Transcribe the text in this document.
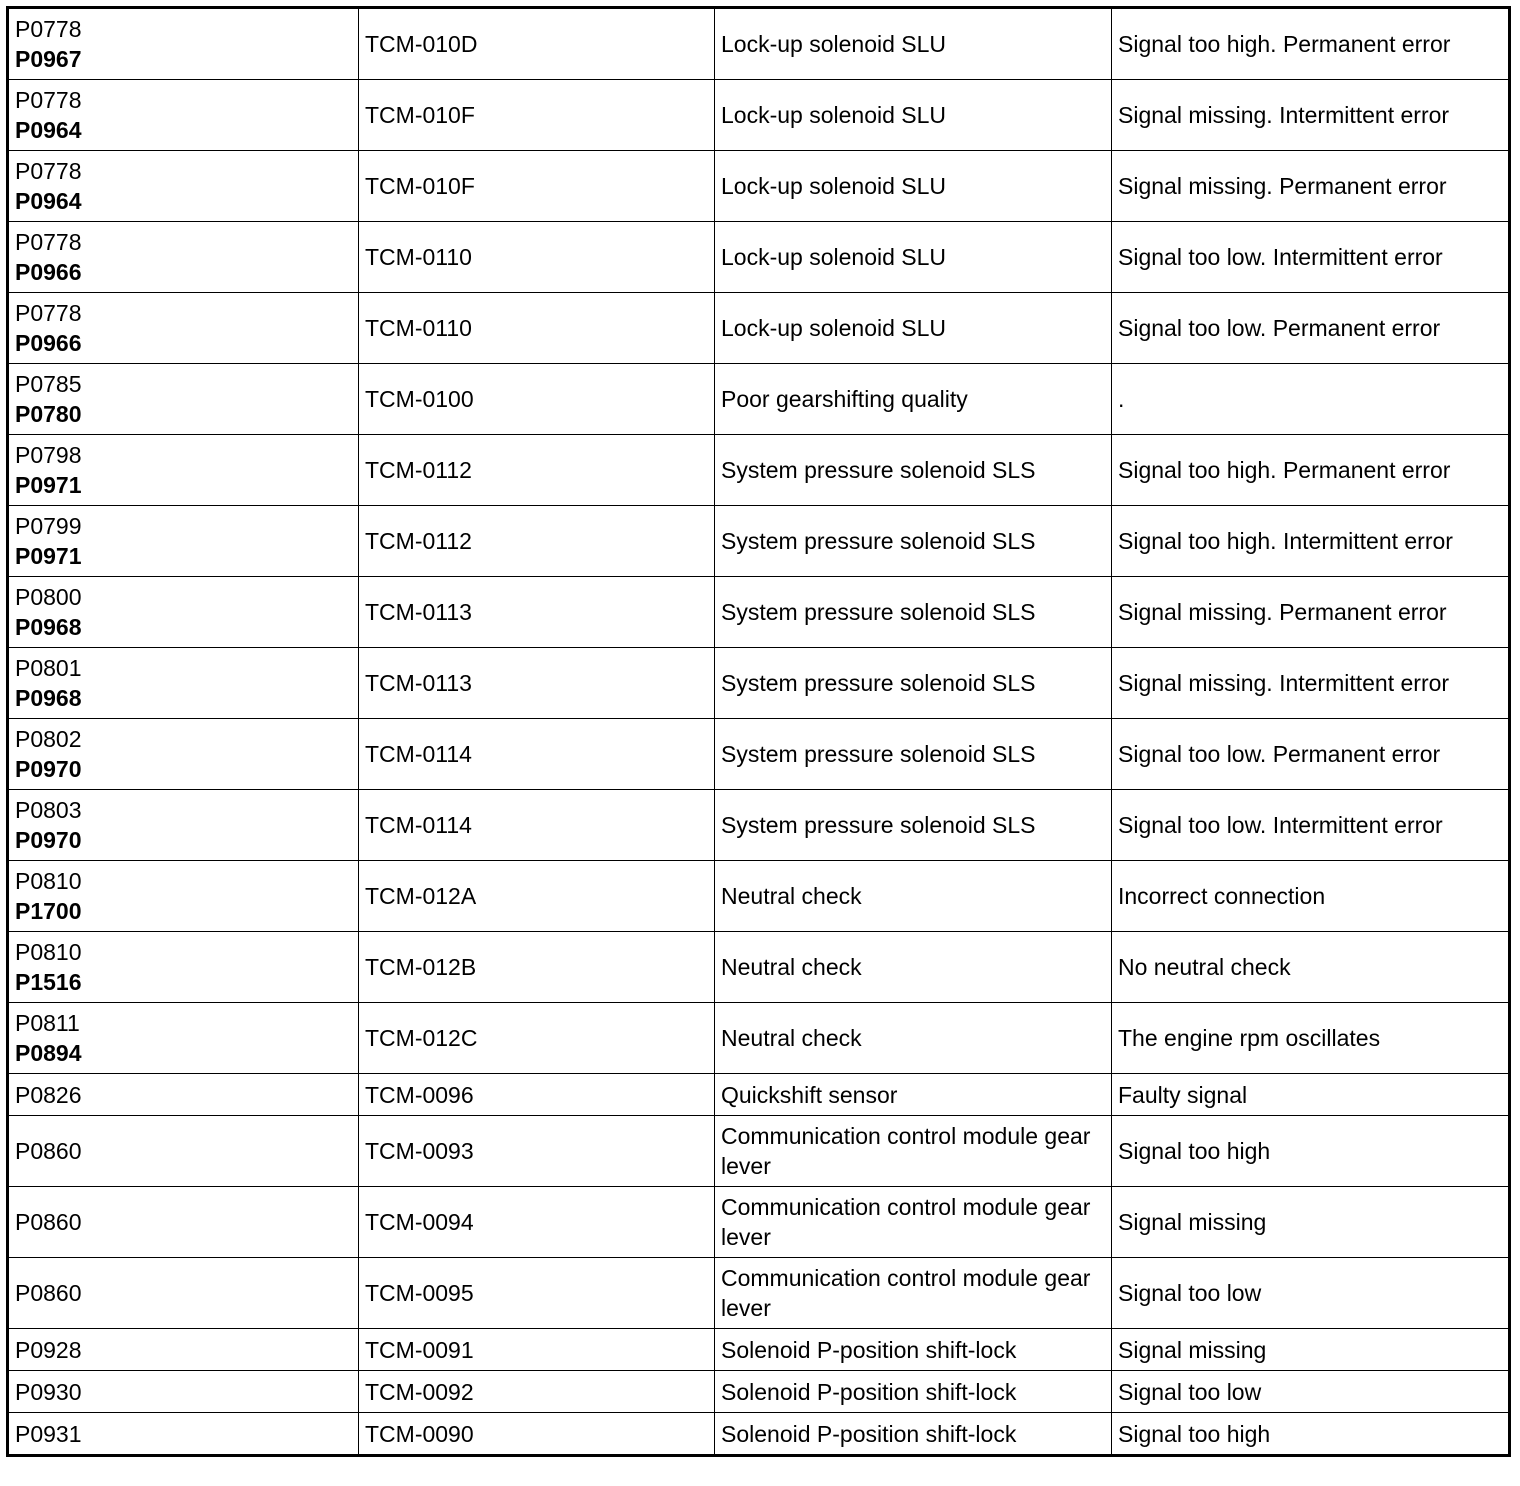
P0778
P0967	TCM-010D	Lock-up solenoid SLU	Signal too high. Permanent error

P0778
P0964	TCM-010F	Lock-up solenoid SLU	Signal missing. Intermittent error

P0778
P0964	TCM-010F	Lock-up solenoid SLU	Signal missing. Permanent error

P0778
P0966	TCM-0110	Lock-up solenoid SLU	Signal too low. Intermittent error

P0778
P0966	TCM-0110	Lock-up solenoid SLU	Signal too low. Permanent error

P0785
P0780	TCM-0100	Poor gearshifting quality	.

P0798
P0971	TCM-0112	System pressure solenoid SLS	Signal too high. Permanent error

P0799
P0971	TCM-0112	System pressure solenoid SLS	Signal too high. Intermittent error

P0800
P0968	TCM-0113	System pressure solenoid SLS	Signal missing. Permanent error

P0801
P0968	TCM-0113	System pressure solenoid SLS	Signal missing. Intermittent error

P0802
P0970	TCM-0114	System pressure solenoid SLS	Signal too low. Permanent error

P0803
P0970	TCM-0114	System pressure solenoid SLS	Signal too low. Intermittent error

P0810
P1700	TCM-012A	Neutral check	Incorrect connection

P0810
P1516	TCM-012B	Neutral check	No neutral check

P0811
P0894	TCM-012C	Neutral check	The engine rpm oscillates
P0826	TCM-0096	Quickshift sensor	Faulty signal
P0860	TCM-0093	Communication control module gear lever	Signal too high
P0860	TCM-0094	Communication control module gear lever	Signal missing
P0860	TCM-0095	Communication control module gear lever	Signal too low
P0928	TCM-0091	Solenoid P-position shift-lock	Signal missing
P0930	TCM-0092	Solenoid P-position shift-lock	Signal too low
P0931	TCM-0090	Solenoid P-position shift-lock	Signal too high
